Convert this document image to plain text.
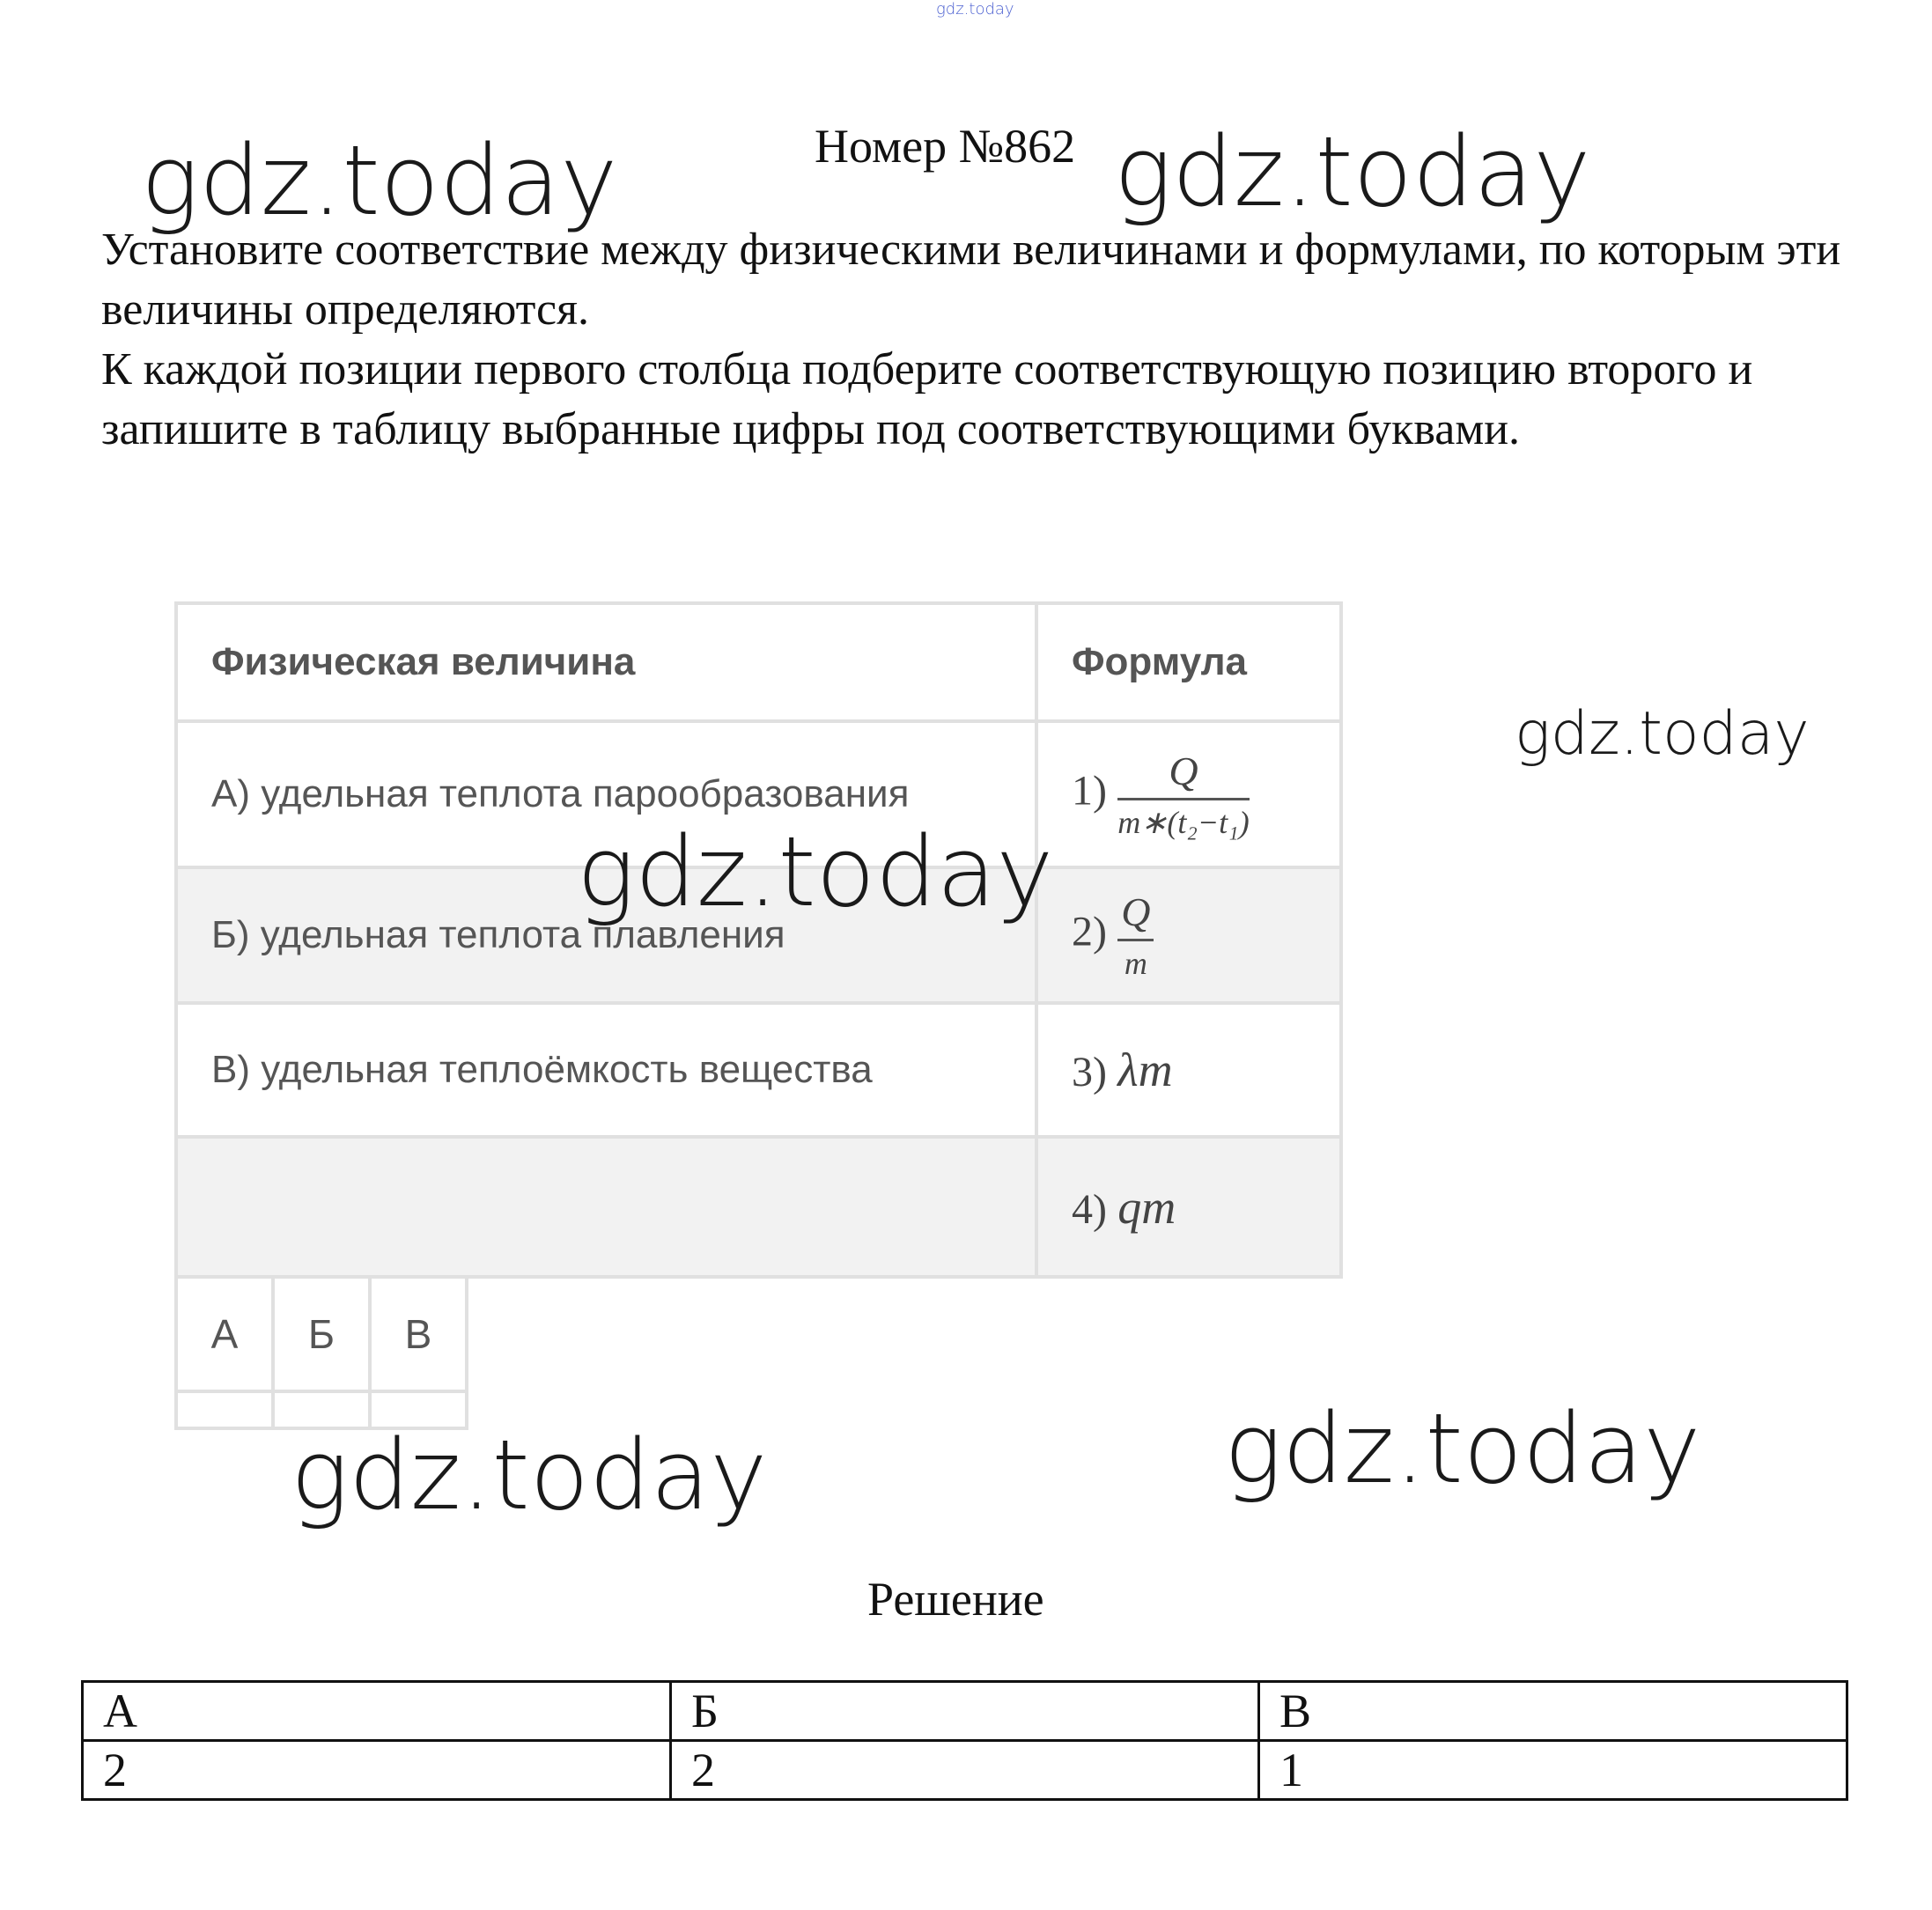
gdz.today
gdz.today	gdz.today
gdz.today
Номер №862

Установите соответствие между физическими величинами и формулами, по которым эти величины определяются.

К каждой позиции первого столбца подберите соответствующую позицию второго и запишите в таблицу выбранные цифры под соответствующими буквами.

Физическая величина	Формула
А) удельная теплота парообразования	$1) \frac{Q}{\text{m∗(t₂−t₁)}}$

Б) удельная теплота плавления	$2) \frac{Q}{m}$

В) удельная теплоёмкость вещества	3) λm
	4) qm
А	Б	В

gdz.today
gdz.today	gdz.today
Решение
А	Б	В
2	2	1
